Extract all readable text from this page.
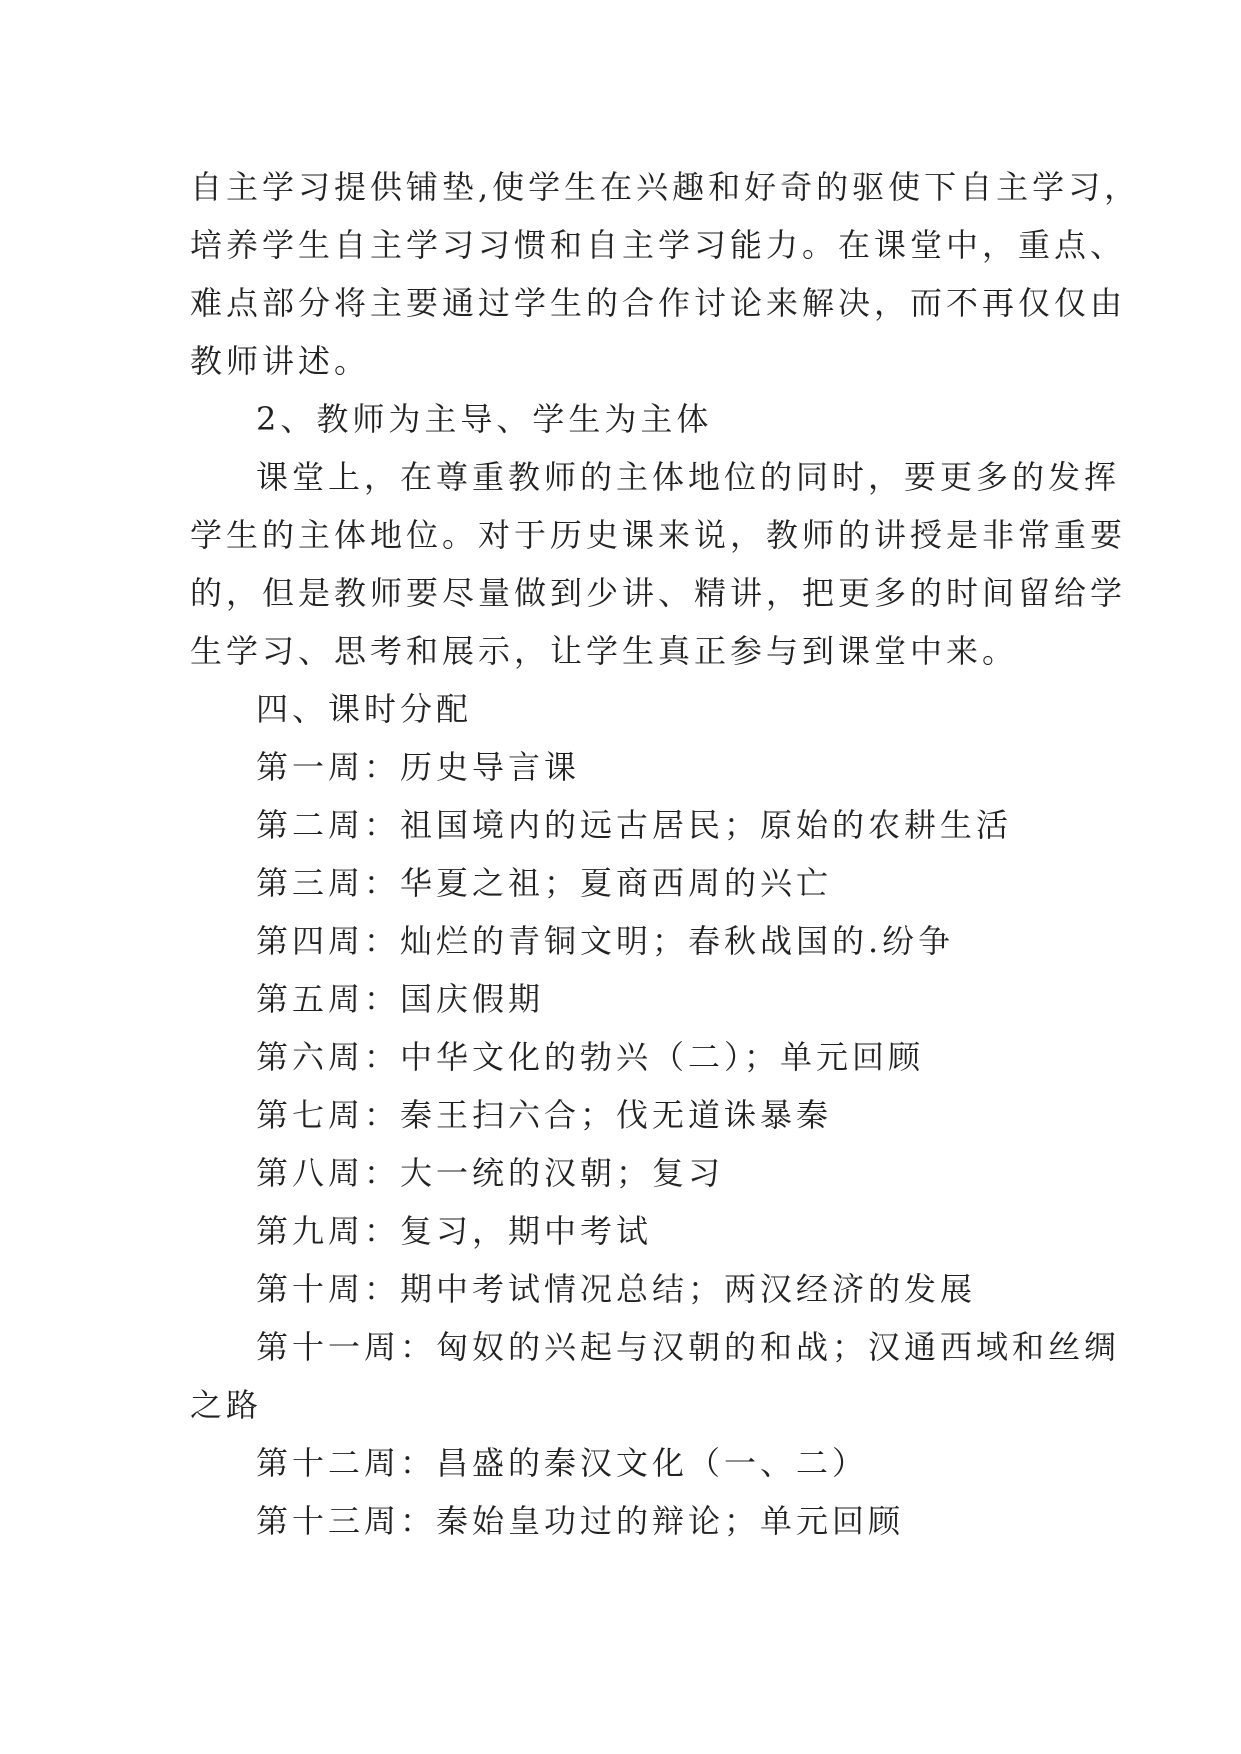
自主学习提供铺垫,使学生在兴趣和好奇的驱使下自主学习，
培养学生自主学习习惯和自主学习能力。在课堂中，重点、
难点部分将主要通过学生的合作讨论来解决，而不再仅仅由
教师讲述。
2、教师为主导、学生为主体
课堂上，在尊重教师的主体地位的同时，要更多的发挥
学生的主体地位。对于历史课来说，教师的讲授是非常重要
的，但是教师要尽量做到少讲、精讲，把更多的时间留给学
生学习、思考和展示，让学生真正参与到课堂中来。
四、课时分配
第一周：历史导言课
第二周：祖国境内的远古居民；原始的农耕生活
第三周：华夏之祖；夏商西周的兴亡
第四周：灿烂的青铜文明；春秋战国的.纷争
第五周：国庆假期
第六周：中华文化的勃兴（二）；单元回顾
第七周：秦王扫六合；伐无道诛暴秦
第八周：大一统的汉朝；复习
第九周：复习，期中考试
第十周：期中考试情况总结；两汉经济的发展
第十一周：匈奴的兴起与汉朝的和战；汉通西域和丝绸
之路
第十二周：昌盛的秦汉文化（一、二）
第十三周：秦始皇功过的辩论；单元回顾
